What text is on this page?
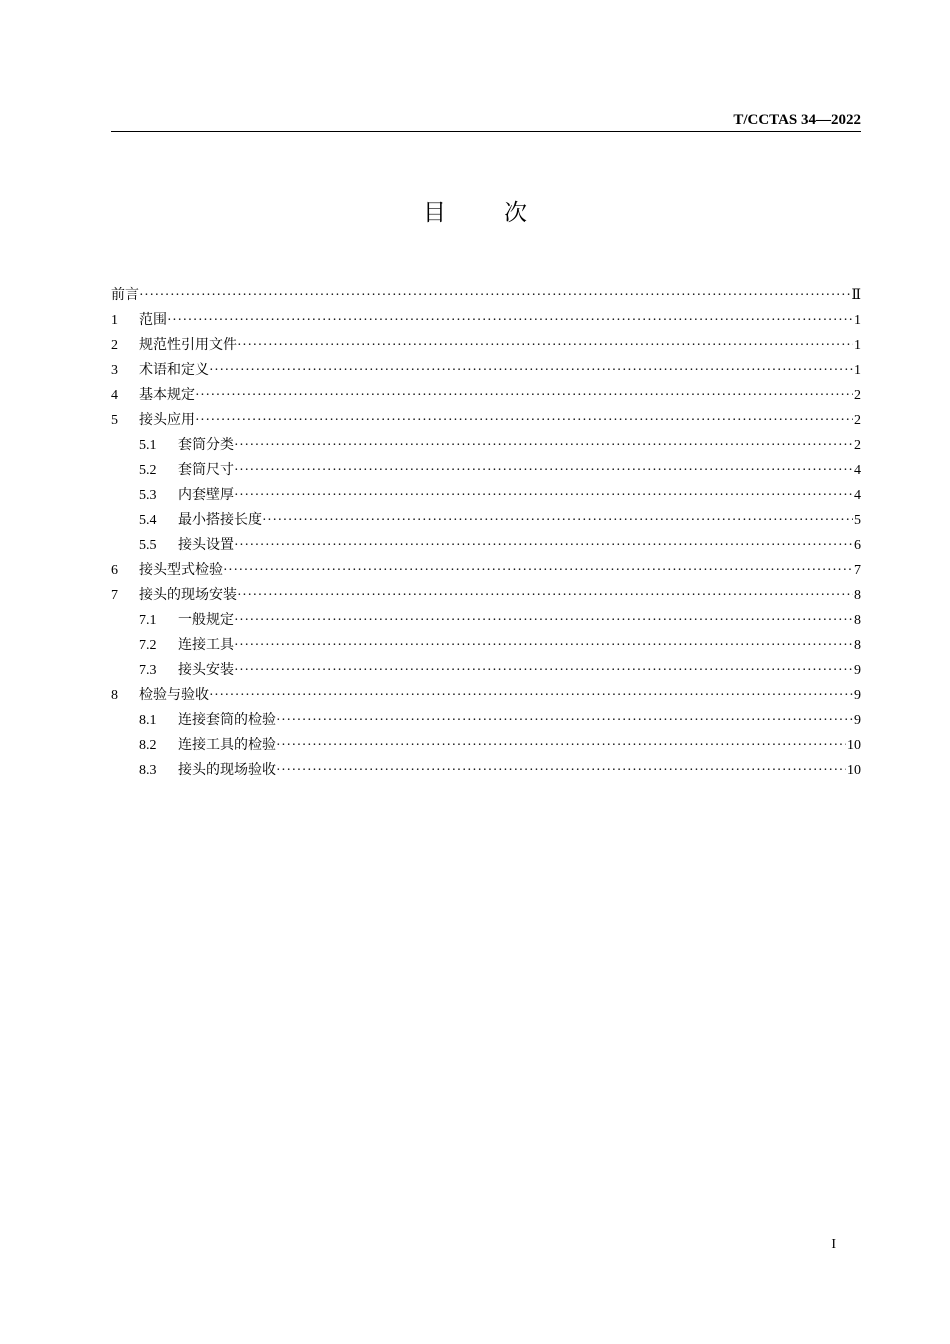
T/CCTAS 34—2022
目次
前言 ·····	Ⅱ
1	范围 ·····	1
2	规范性引用文件 ·····	1
3	术语和定义 ·····	1
4	基本规定 ·····	2
5	接头应用 ·····	2
5.1	套筒分类 ·····	2
5.2	套筒尺寸 ·····	4
5.3	内套壁厚 ·····	4
5.4	最小搭接长度 ·····	5
5.5	接头设置 ·····	6
6	接头型式检验 ·····	7
7	接头的现场安装 ·····	8
7.1	一般规定 ·····	8
7.2	连接工具 ·····	8
7.3	接头安装 ·····	9
8	检验与验收 ·····	9
8.1	连接套筒的检验 ·····	9
8.2	连接工具的检验 ·····	10
8.3	接头的现场验收 ·····	10
I
